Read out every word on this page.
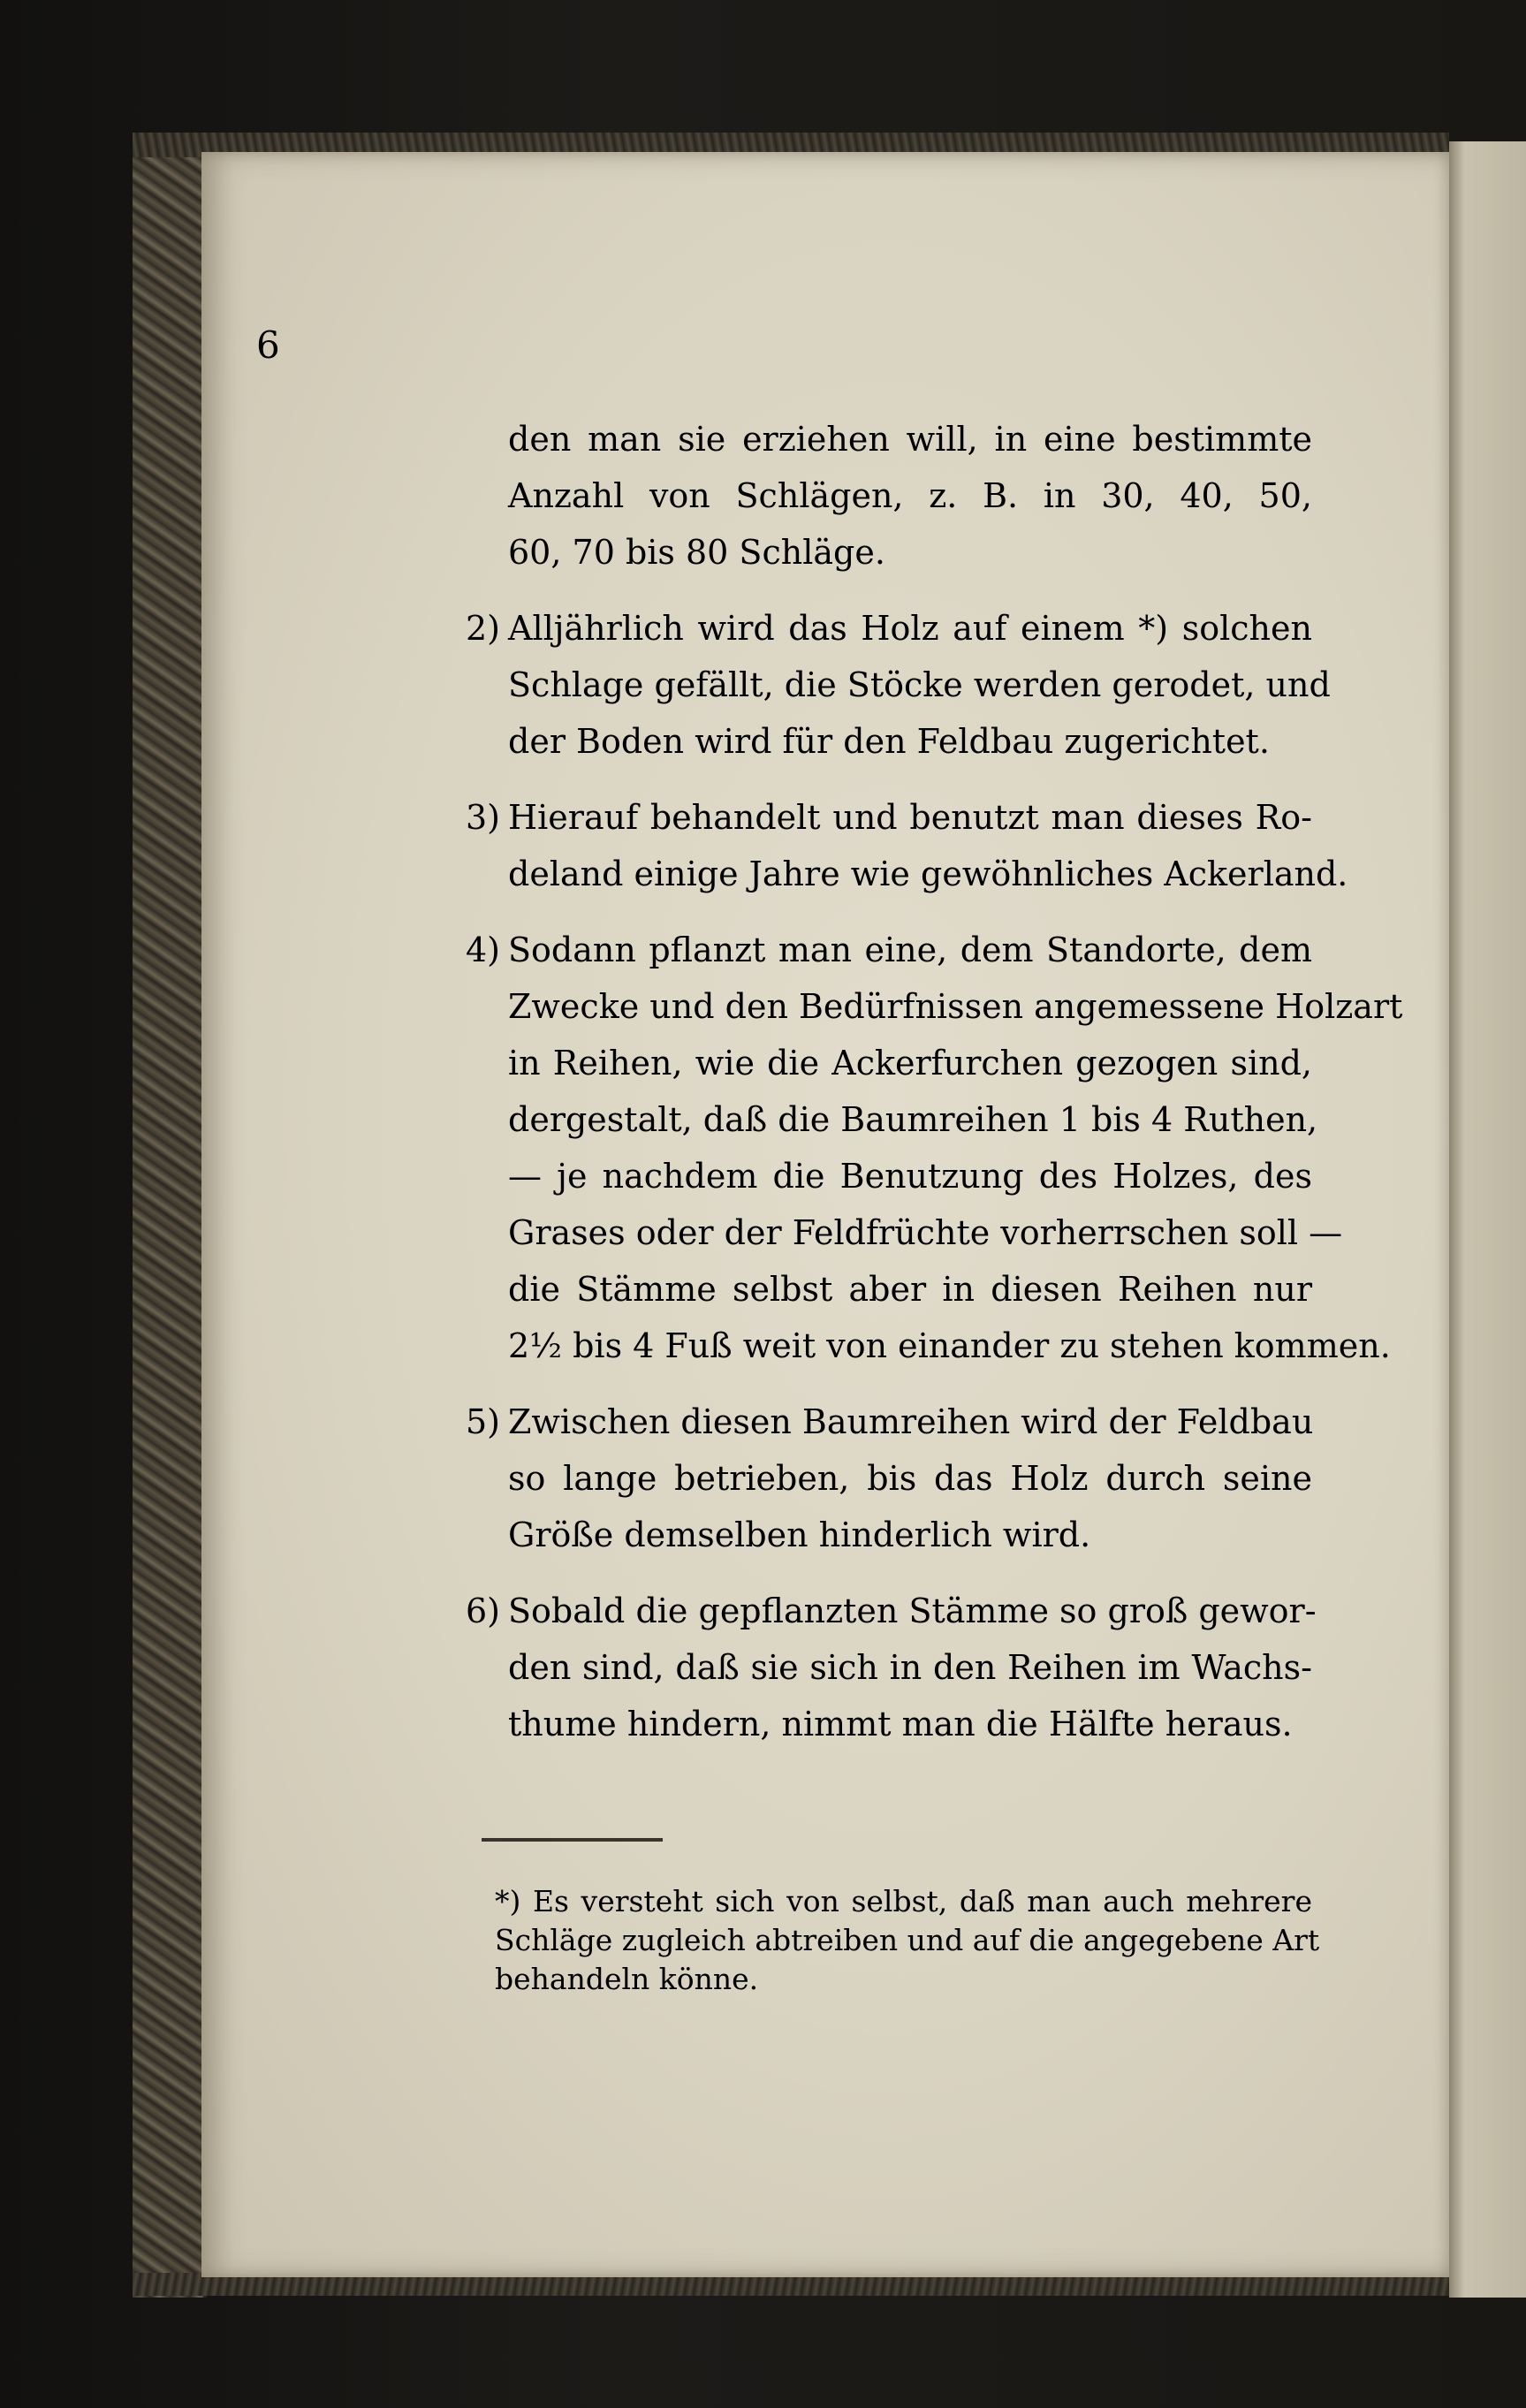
6
den man sie erziehen will, in eine bestimmte
Anzahl von Schlägen, z. B. in 30, 40, 50,
60, 70 bis 80 Schläge.
2) Alljährlich wird das Holz auf einem *) solchen
Schlage gefällt, die Stöcke werden gerodet, und
der Boden wird für den Feldbau zugerichtet.
3) Hierauf behandelt und benutzt man dieses Ro-
deland einige Jahre wie gewöhnliches Ackerland.
4) Sodann pflanzt man eine, dem Standorte, dem
Zwecke und den Bedürfnissen angemessene Holzart
in Reihen, wie die Ackerfurchen gezogen sind,
dergestalt, daß die Baumreihen 1 bis 4 Ruthen,
— je nachdem die Benutzung des Holzes, des
Grases oder der Feldfrüchte vorherrschen soll —
die Stämme selbst aber in diesen Reihen nur
2½ bis 4 Fuß weit von einander zu stehen kommen.
5) Zwischen diesen Baumreihen wird der Feldbau
so lange betrieben, bis das Holz durch seine
Größe demselben hinderlich wird.
6) Sobald die gepflanzten Stämme so groß gewor-
den sind, daß sie sich in den Reihen im Wachs-
thume hindern, nimmt man die Hälfte heraus.
*) Es versteht sich von selbst, daß man auch mehrere
Schläge zugleich abtreiben und auf die angegebene Art
behandeln könne.
